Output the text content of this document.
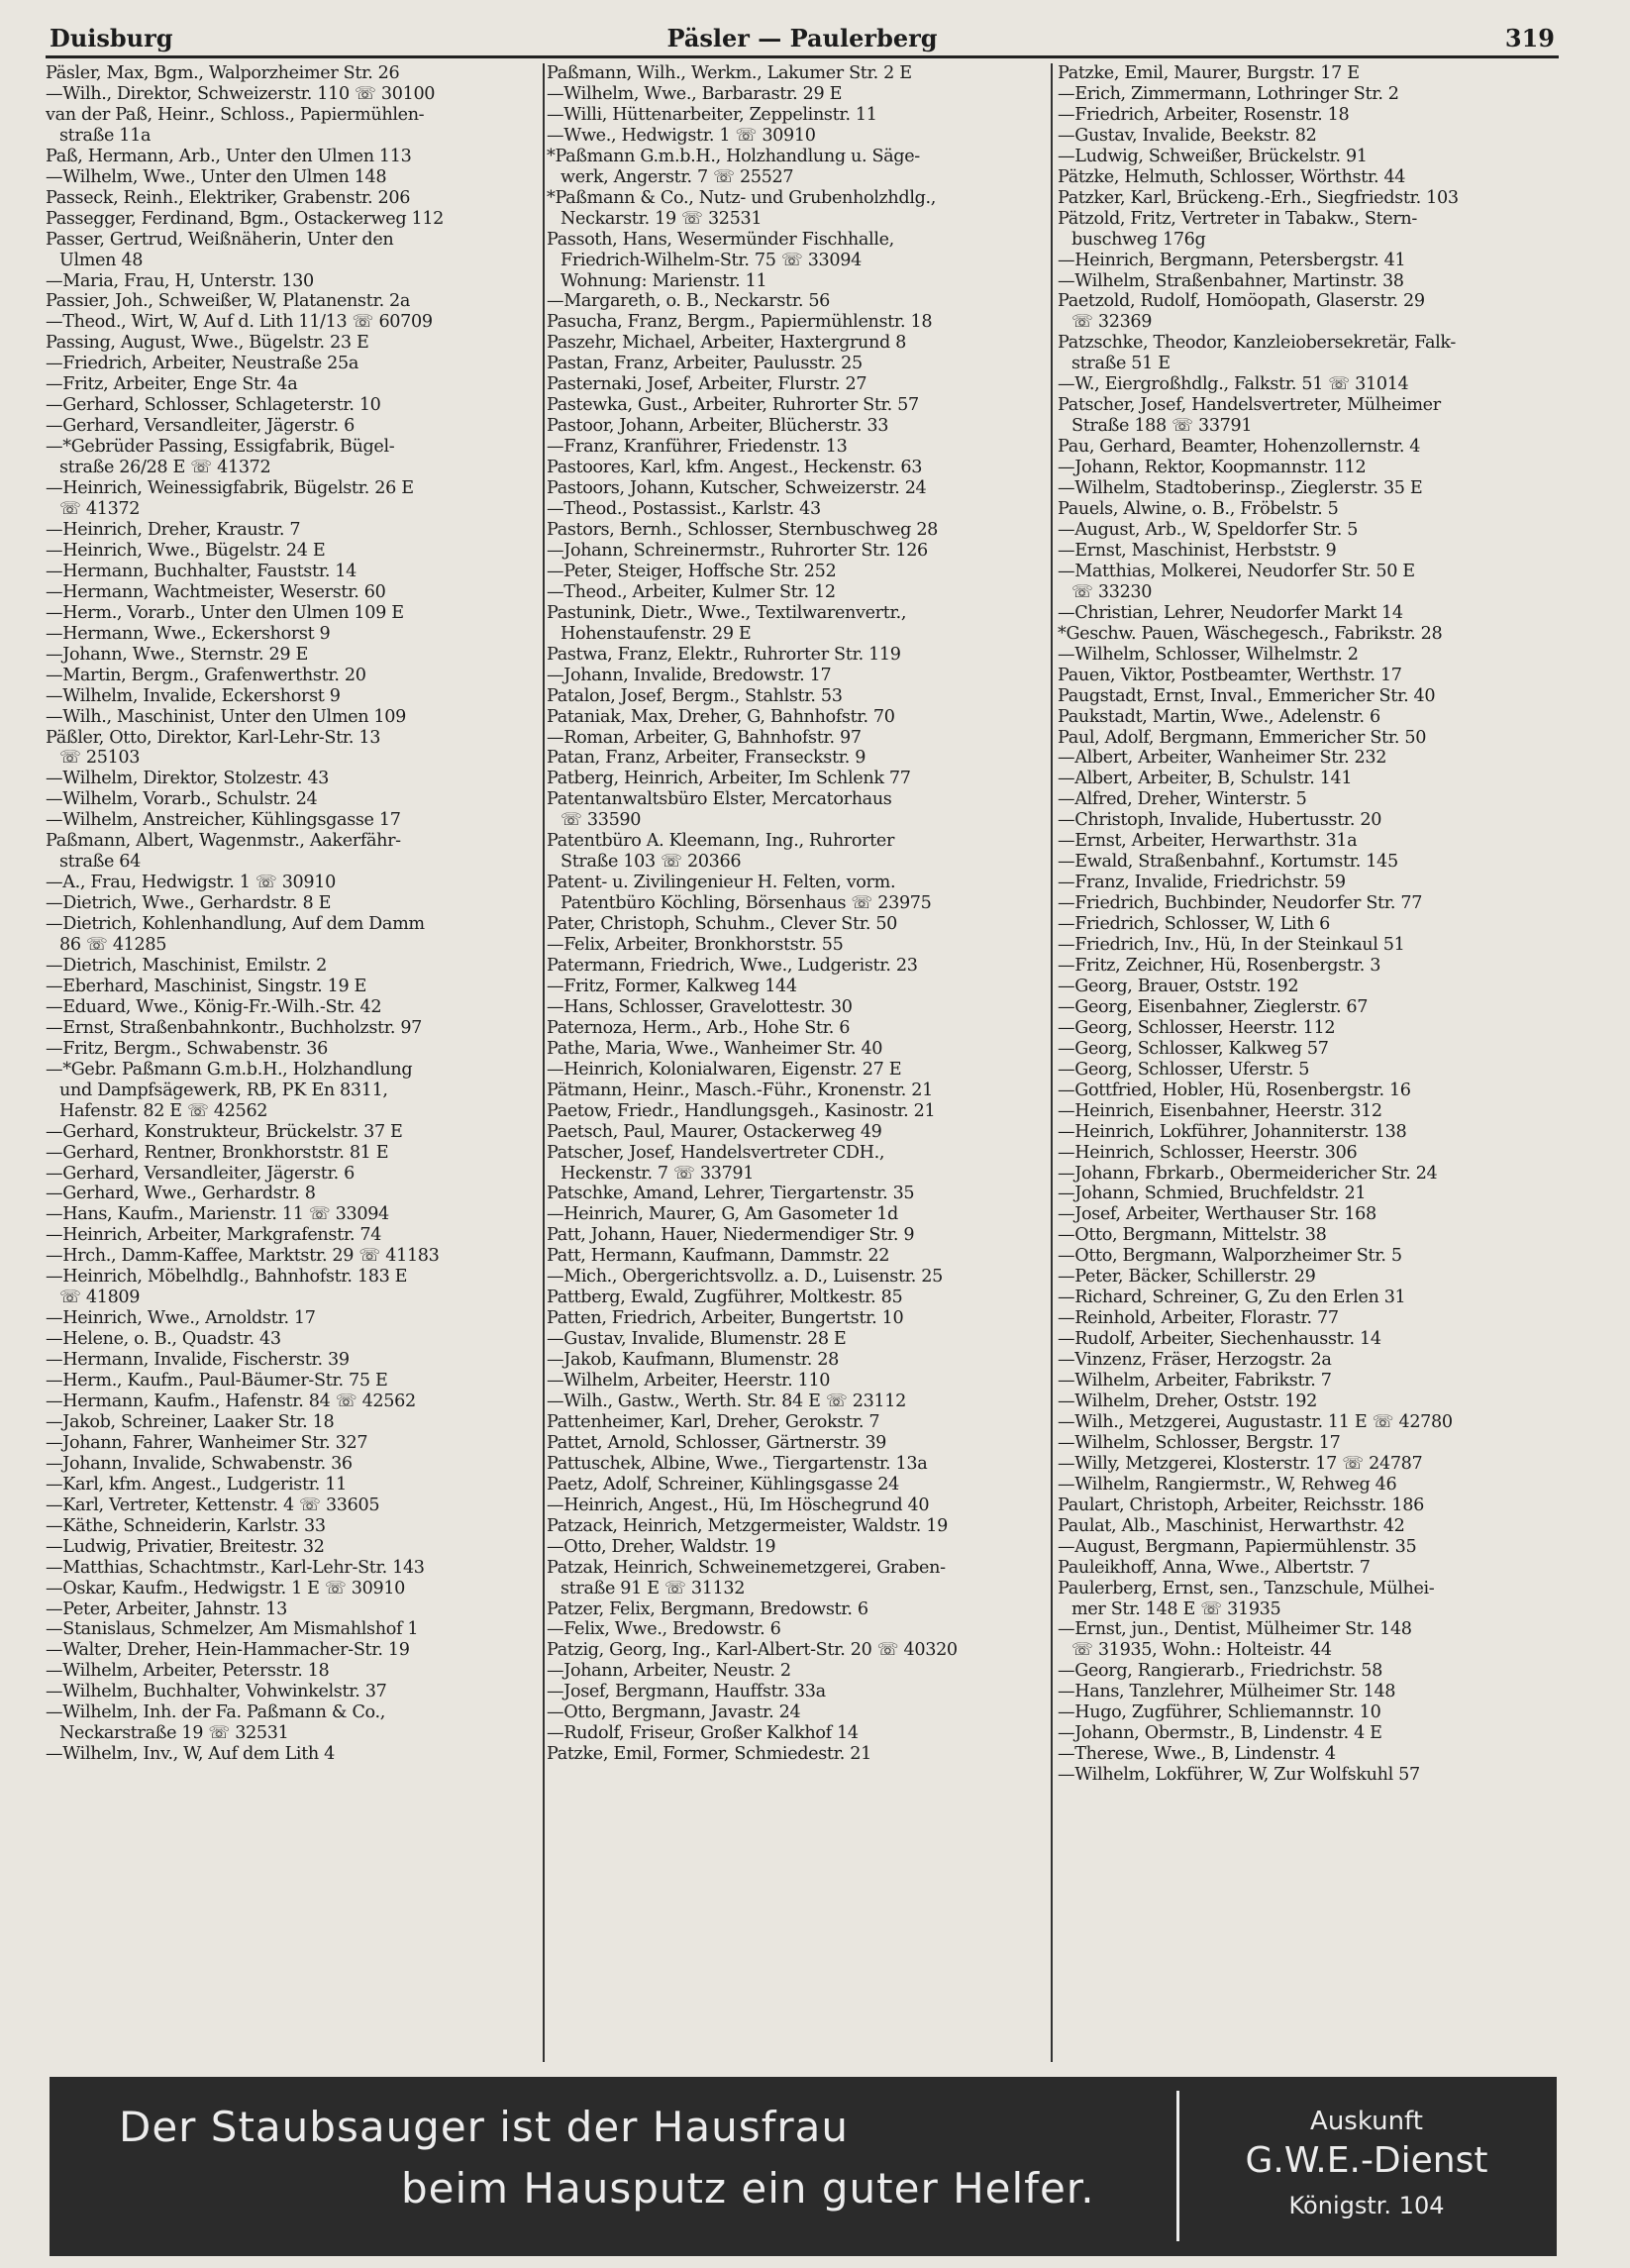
Duisburg	Päsler — Paulerberg	319
Päsler, Max, Bgm., Walporzheimer Str. 26
—Wilh., Direktor, Schweizerstr. 110 ☏ 30100
van der Paß, Heinr., Schloss., Papiermühlen-
straße 11a
Paß, Hermann, Arb., Unter den Ulmen 113
—Wilhelm, Wwe., Unter den Ulmen 148
Passeck, Reinh., Elektriker, Grabenstr. 206
Passegger, Ferdinand, Bgm., Ostackerweg 112
Passer, Gertrud, Weißnäherin, Unter den
Ulmen 48
—Maria, Frau, H, Unterstr. 130
Passier, Joh., Schweißer, W, Platanenstr. 2a
—Theod., Wirt, W, Auf d. Lith 11/13 ☏ 60709
Passing, August, Wwe., Bügelstr. 23 E
—Friedrich, Arbeiter, Neustraße 25a
—Fritz, Arbeiter, Enge Str. 4a
—Gerhard, Schlosser, Schlageterstr. 10
—Gerhard, Versandleiter, Jägerstr. 6
—*Gebrüder Passing, Essigfabrik, Bügel-
straße 26/28 E ☏ 41372
—Heinrich, Weinessigfabrik, Bügelstr. 26 E
☏ 41372
—Heinrich, Dreher, Kraustr. 7
—Heinrich, Wwe., Bügelstr. 24 E
—Hermann, Buchhalter, Fauststr. 14
—Hermann, Wachtmeister, Weserstr. 60
—Herm., Vorarb., Unter den Ulmen 109 E
—Hermann, Wwe., Eckershorst 9
—Johann, Wwe., Sternstr. 29 E
—Martin, Bergm., Grafenwerthstr. 20
—Wilhelm, Invalide, Eckershorst 9
—Wilh., Maschinist, Unter den Ulmen 109
Päßler, Otto, Direktor, Karl-Lehr-Str. 13
☏ 25103
—Wilhelm, Direktor, Stolzestr. 43
—Wilhelm, Vorarb., Schulstr. 24
—Wilhelm, Anstreicher, Kühlingsgasse 17
Paßmann, Albert, Wagenmstr., Aakerfähr-
straße 64
—A., Frau, Hedwigstr. 1 ☏ 30910
—Dietrich, Wwe., Gerhardstr. 8 E
—Dietrich, Kohlenhandlung, Auf dem Damm
86 ☏ 41285
—Dietrich, Maschinist, Emilstr. 2
—Eberhard, Maschinist, Singstr. 19 E
—Eduard, Wwe., König-Fr.-Wilh.-Str. 42
—Ernst, Straßenbahnkontr., Buchholzstr. 97
—Fritz, Bergm., Schwabenstr. 36
—*Gebr. Paßmann G.m.b.H., Holzhandlung
und Dampfsägewerk, RB, PK En 8311,
Hafenstr. 82 E ☏ 42562
—Gerhard, Konstrukteur, Brückelstr. 37 E
—Gerhard, Rentner, Bronkhorststr. 81 E
—Gerhard, Versandleiter, Jägerstr. 6
—Gerhard, Wwe., Gerhardstr. 8
—Hans, Kaufm., Marienstr. 11 ☏ 33094
—Heinrich, Arbeiter, Markgrafenstr. 74
—Hrch., Damm-Kaffee, Marktstr. 29 ☏ 41183
—Heinrich, Möbelhdlg., Bahnhofstr. 183 E
☏ 41809
—Heinrich, Wwe., Arnoldstr. 17
—Helene, o. B., Quadstr. 43
—Hermann, Invalide, Fischerstr. 39
—Herm., Kaufm., Paul-Bäumer-Str. 75 E
—Hermann, Kaufm., Hafenstr. 84 ☏ 42562
—Jakob, Schreiner, Laaker Str. 18
—Johann, Fahrer, Wanheimer Str. 327
—Johann, Invalide, Schwabenstr. 36
—Karl, kfm. Angest., Ludgeristr. 11
—Karl, Vertreter, Kettenstr. 4 ☏ 33605
—Käthe, Schneiderin, Karlstr. 33
—Ludwig, Privatier, Breitestr. 32
—Matthias, Schachtmstr., Karl-Lehr-Str. 143
—Oskar, Kaufm., Hedwigstr. 1 E ☏ 30910
—Peter, Arbeiter, Jahnstr. 13
—Stanislaus, Schmelzer, Am Mismahlshof 1
—Walter, Dreher, Hein-Hammacher-Str. 19
—Wilhelm, Arbeiter, Petersstr. 18
—Wilhelm, Buchhalter, Vohwinkelstr. 37
—Wilhelm, Inh. der Fa. Paßmann & Co.,
Neckarstraße 19 ☏ 32531
—Wilhelm, Inv., W, Auf dem Lith 4
Paßmann, Wilh., Werkm., Lakumer Str. 2 E
—Wilhelm, Wwe., Barbarastr. 29 E
—Willi, Hüttenarbeiter, Zeppelinstr. 11
—Wwe., Hedwigstr. 1 ☏ 30910
*Paßmann G.m.b.H., Holzhandlung u. Säge-
werk, Angerstr. 7 ☏ 25527
*Paßmann & Co., Nutz- und Grubenholzhdlg.,
Neckarstr. 19 ☏ 32531
Passoth, Hans, Wesermünder Fischhalle,
Friedrich-Wilhelm-Str. 75 ☏ 33094
Wohnung: Marienstr. 11
—Margareth, o. B., Neckarstr. 56
Pasucha, Franz, Bergm., Papiermühlenstr. 18
Paszehr, Michael, Arbeiter, Haxtergrund 8
Pastan, Franz, Arbeiter, Paulusstr. 25
Pasternaki, Josef, Arbeiter, Flurstr. 27
Pastewka, Gust., Arbeiter, Ruhrorter Str. 57
Pastoor, Johann, Arbeiter, Blücherstr. 33
—Franz, Kranführer, Friedenstr. 13
Pastoores, Karl, kfm. Angest., Heckenstr. 63
Pastoors, Johann, Kutscher, Schweizerstr. 24
—Theod., Postassist., Karlstr. 43
Pastors, Bernh., Schlosser, Sternbuschweg 28
—Johann, Schreinermstr., Ruhrorter Str. 126
—Peter, Steiger, Hoffsche Str. 252
—Theod., Arbeiter, Kulmer Str. 12
Pastunink, Dietr., Wwe., Textilwarenvertr.,
Hohenstaufenstr. 29 E
Pastwa, Franz, Elektr., Ruhrorter Str. 119
—Johann, Invalide, Bredowstr. 17
Patalon, Josef, Bergm., Stahlstr. 53
Pataniak, Max, Dreher, G, Bahnhofstr. 70
—Roman, Arbeiter, G, Bahnhofstr. 97
Patan, Franz, Arbeiter, Franseckstr. 9
Patberg, Heinrich, Arbeiter, Im Schlenk 77
Patentanwaltsbüro Elster, Mercatorhaus
☏ 33590
Patentbüro A. Kleemann, Ing., Ruhrorter
Straße 103 ☏ 20366
Patent- u. Zivilingenieur H. Felten, vorm.
Patentbüro Köchling, Börsenhaus ☏ 23975
Pater, Christoph, Schuhm., Clever Str. 50
—Felix, Arbeiter, Bronkhorststr. 55
Patermann, Friedrich, Wwe., Ludgeristr. 23
—Fritz, Former, Kalkweg 144
—Hans, Schlosser, Gravelottestr. 30
Paternoza, Herm., Arb., Hohe Str. 6
Pathe, Maria, Wwe., Wanheimer Str. 40
—Heinrich, Kolonialwaren, Eigenstr. 27 E
Pätmann, Heinr., Masch.-Führ., Kronenstr. 21
Paetow, Friedr., Handlungsgeh., Kasinostr. 21
Paetsch, Paul, Maurer, Ostackerweg 49
Patscher, Josef, Handelsvertreter CDH.,
Heckenstr. 7 ☏ 33791
Patschke, Amand, Lehrer, Tiergartenstr. 35
—Heinrich, Maurer, G, Am Gasometer 1d
Patt, Johann, Hauer, Niedermendiger Str. 9
Patt, Hermann, Kaufmann, Dammstr. 22
—Mich., Obergerichtsvollz. a. D., Luisenstr. 25
Pattberg, Ewald, Zugführer, Moltkestr. 85
Patten, Friedrich, Arbeiter, Bungertstr. 10
—Gustav, Invalide, Blumenstr. 28 E
—Jakob, Kaufmann, Blumenstr. 28
—Wilhelm, Arbeiter, Heerstr. 110
—Wilh., Gastw., Werth. Str. 84 E ☏ 23112
Pattenheimer, Karl, Dreher, Gerokstr. 7
Pattet, Arnold, Schlosser, Gärtnerstr. 39
Pattuschek, Albine, Wwe., Tiergartenstr. 13a
Paetz, Adolf, Schreiner, Kühlingsgasse 24
—Heinrich, Angest., Hü, Im Höschegrund 40
Patzack, Heinrich, Metzgermeister, Waldstr. 19
—Otto, Dreher, Waldstr. 19
Patzak, Heinrich, Schweinemetzgerei, Graben-
straße 91 E ☏ 31132
Patzer, Felix, Bergmann, Bredowstr. 6
—Felix, Wwe., Bredowstr. 6
Patzig, Georg, Ing., Karl-Albert-Str. 20 ☏ 40320
—Johann, Arbeiter, Neustr. 2
—Josef, Bergmann, Hauffstr. 33a
—Otto, Bergmann, Javastr. 24
—Rudolf, Friseur, Großer Kalkhof 14
Patzke, Emil, Former, Schmiedestr. 21
Patzke, Emil, Maurer, Burgstr. 17 E
—Erich, Zimmermann, Lothringer Str. 2
—Friedrich, Arbeiter, Rosenstr. 18
—Gustav, Invalide, Beekstr. 82
—Ludwig, Schweißer, Brückelstr. 91
Pätzke, Helmuth, Schlosser, Wörthstr. 44
Patzker, Karl, Brückeng.-Erh., Siegfriedstr. 103
Pätzold, Fritz, Vertreter in Tabakw., Stern-
buschweg 176g
—Heinrich, Bergmann, Petersbergstr. 41
—Wilhelm, Straßenbahner, Martinstr. 38
Paetzold, Rudolf, Homöopath, Glaserstr. 29
☏ 32369
Patzschke, Theodor, Kanzleiobersekretär, Falk-
straße 51 E
—W., Eiergroßhdlg., Falkstr. 51 ☏ 31014
Patscher, Josef, Handelsvertreter, Mülheimer
Straße 188 ☏ 33791
Pau, Gerhard, Beamter, Hohenzollernstr. 4
—Johann, Rektor, Koopmannstr. 112
—Wilhelm, Stadtoberinsp., Zieglerstr. 35 E
Pauels, Alwine, o. B., Fröbelstr. 5
—August, Arb., W, Speldorfer Str. 5
—Ernst, Maschinist, Herbststr. 9
—Matthias, Molkerei, Neudorfer Str. 50 E
☏ 33230
—Christian, Lehrer, Neudorfer Markt 14
*Geschw. Pauen, Wäschegesch., Fabrikstr. 28
—Wilhelm, Schlosser, Wilhelmstr. 2
Pauen, Viktor, Postbeamter, Werthstr. 17
Paugstadt, Ernst, Inval., Emmericher Str. 40
Paukstadt, Martin, Wwe., Adelenstr. 6
Paul, Adolf, Bergmann, Emmericher Str. 50
—Albert, Arbeiter, Wanheimer Str. 232
—Albert, Arbeiter, B, Schulstr. 141
—Alfred, Dreher, Winterstr. 5
—Christoph, Invalide, Hubertusstr. 20
—Ernst, Arbeiter, Herwarthstr. 31a
—Ewald, Straßenbahnf., Kortumstr. 145
—Franz, Invalide, Friedrichstr. 59
—Friedrich, Buchbinder, Neudorfer Str. 77
—Friedrich, Schlosser, W, Lith 6
—Friedrich, Inv., Hü, In der Steinkaul 51
—Fritz, Zeichner, Hü, Rosenbergstr. 3
—Georg, Brauer, Oststr. 192
—Georg, Eisenbahner, Zieglerstr. 67
—Georg, Schlosser, Heerstr. 112
—Georg, Schlosser, Kalkweg 57
—Georg, Schlosser, Uferstr. 5
—Gottfried, Hobler, Hü, Rosenbergstr. 16
—Heinrich, Eisenbahner, Heerstr. 312
—Heinrich, Lokführer, Johanniterstr. 138
—Heinrich, Schlosser, Heerstr. 306
—Johann, Fbrkarb., Obermeidericher Str. 24
—Johann, Schmied, Bruchfeldstr. 21
—Josef, Arbeiter, Werthauser Str. 168
—Otto, Bergmann, Mittelstr. 38
—Otto, Bergmann, Walporzheimer Str. 5
—Peter, Bäcker, Schillerstr. 29
—Richard, Schreiner, G, Zu den Erlen 31
—Reinhold, Arbeiter, Florastr. 77
—Rudolf, Arbeiter, Siechenhausstr. 14
—Vinzenz, Fräser, Herzogstr. 2a
—Wilhelm, Arbeiter, Fabrikstr. 7
—Wilhelm, Dreher, Oststr. 192
—Wilh., Metzgerei, Augustastr. 11 E ☏ 42780
—Wilhelm, Schlosser, Bergstr. 17
—Willy, Metzgerei, Klosterstr. 17 ☏ 24787
—Wilhelm, Rangiermstr., W, Rehweg 46
Paulart, Christoph, Arbeiter, Reichsstr. 186
Paulat, Alb., Maschinist, Herwarthstr. 42
—August, Bergmann, Papiermühlenstr. 35
Pauleikhoff, Anna, Wwe., Albertstr. 7
Paulerberg, Ernst, sen., Tanzschule, Mülhei-
mer Str. 148 E ☏ 31935
—Ernst, jun., Dentist, Mülheimer Str. 148
☏ 31935, Wohn.: Holteistr. 44
—Georg, Rangierarb., Friedrichstr. 58
—Hans, Tanzlehrer, Mülheimer Str. 148
—Hugo, Zugführer, Schliemannstr. 10
—Johann, Obermstr., B, Lindenstr. 4 E
—Therese, Wwe., B, Lindenstr. 4
—Wilhelm, Lokführer, W, Zur Wolfskuhl 57
Der Staubsauger ist der Hausfrau
beim Hausputz ein guter Helfer.
Auskunft
G.W.E.-Dienst
Königstr. 104
